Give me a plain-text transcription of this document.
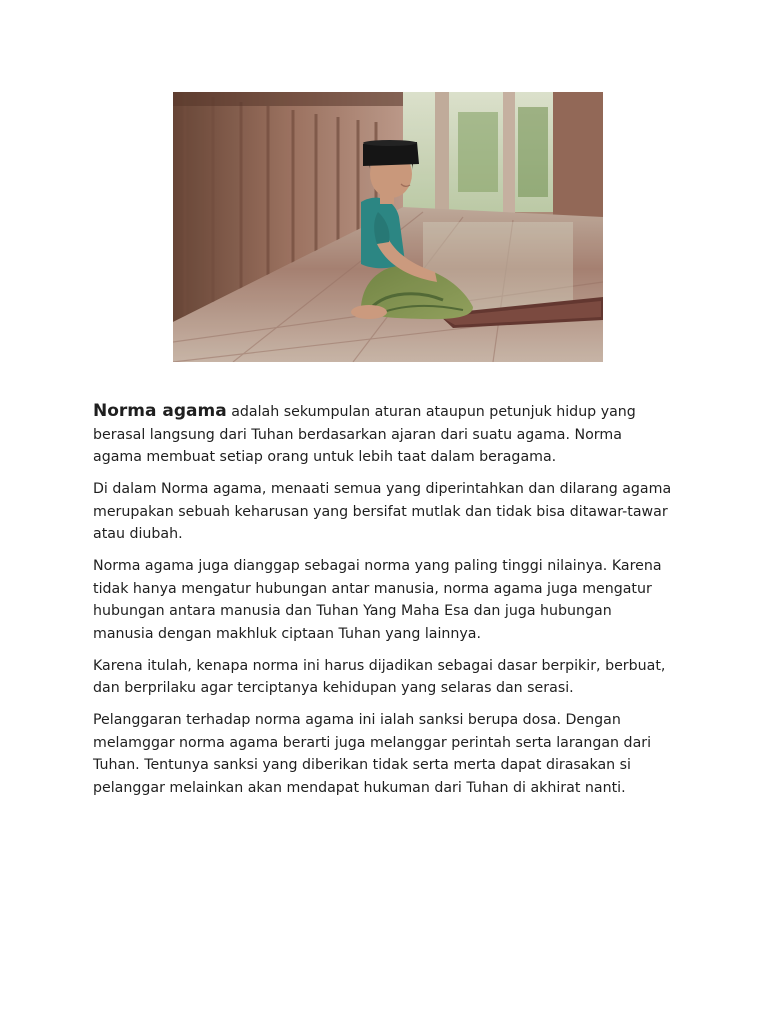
Norma agama adalah sekumpulan aturan ataupun petunjuk hidup yang berasal langsung dari Tuhan berdasarkan ajaran dari suatu agama. Norma agama membuat setiap orang untuk lebih taat dalam beragama.

Di dalam Norma agama, menaati semua yang diperintahkan dan dilarang agama merupakan sebuah keharusan yang bersifat mutlak dan tidak bisa ditawar-tawar atau diubah.

Norma agama juga dianggap sebagai norma yang paling tinggi nilainya. Karena tidak hanya mengatur hubungan antar manusia, norma agama juga mengatur hubungan antara manusia dan Tuhan Yang Maha Esa dan juga hubungan manusia dengan makhluk ciptaan Tuhan yang lainnya.

Karena itulah, kenapa norma ini harus dijadikan sebagai dasar berpikir, berbuat, dan berprilaku agar terciptanya kehidupan yang selaras dan serasi.

Pelanggaran terhadap norma agama ini ialah sanksi berupa dosa. Dengan melamggar norma agama berarti juga melanggar perintah serta larangan dari Tuhan. Tentunya sanksi yang diberikan tidak serta merta dapat dirasakan si pelanggar melainkan akan mendapat hukuman dari Tuhan di akhirat nanti.
